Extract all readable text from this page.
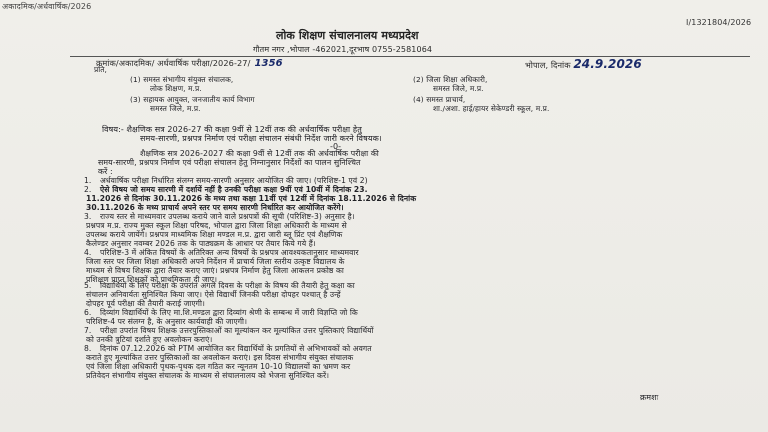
अकादमिक/अर्धवार्षिक/2026
I/1321804/2026
लोक शिक्षण संचालनालय मध्यप्रदेश
गौतम नगर ,भोपाल -462021,दूरभाष 0755-2581064
क्रमांक/अकादमिक/ अर्धवार्षिक परीक्षा/2026-27/ 1356	भोपाल, दिनांक 24.9.2026
प्रति,
(1) समस्त संभागीय संयुक्त संचालक,
लोक शिक्षण, म.प्र.
(2) जिला शिक्षा अधिकारी,
समस्त जिले, म.प्र.
(3) सहायक आयुक्त, जनजातीय कार्य विभाग
समस्त जिले, म.प्र.
(4) समस्त प्राचार्य,
शा./अशा. हाई/हायर सेकेण्डरी स्कूल, म.प्र.
विषय:- शैक्षणिक सत्र 2026-27 की कक्षा 9वीं से 12वीं तक की अर्धवार्षिक परीक्षा हेतु
समय-सारणी, प्रश्नपत्र निर्माण एवं परीक्षा संचालन संबंधी निर्देश जारी करने विषयक।
-0-
शैक्षणिक सत्र 2026-2027 की कक्षा 9वीं से 12वीं तक की अर्धवार्षिक परीक्षा की
समय-सारणी, प्रश्नपत्र निर्माण एवं परीक्षा संचालन हेतु निम्नानुसार निर्देशों का पालन सुनिश्चित
करें :
1. अर्धवार्षिक परीक्षा निर्धारित संलग्न समय-सारणी अनुसार आयोजित की जाए। (परिशिष्ट-1 एवं 2)
2. ऐसे विषय जो समय सारणी में दर्शायें नहीं है उनकी परीक्षा कक्षा 9वीं एवं 10वीं में दिनांक 23.
11.2026 से दिनांक 30.11.2026 के मध्य तथा कक्षा 11वीं एवं 12वीं में दिनांक 18.11.2026 से दिनांक
30.11.2026 के मध्य प्राचार्य अपने स्तर पर समय सारणी निर्धारित कर आयोजित करेंगे।
3. राज्य स्तर से माध्यमवार उपलब्ध कराये जाने वाले प्रश्नपत्रों की सूची (परिशिष्ट-3) अनुसार है।
प्रश्नपत्र म.प्र. राज्य मुक्त स्कूल शिक्षा परिषद, भोपाल द्वारा जिला शिक्षा अधिकारी के माध्यम से
उपलब्ध कराये जायेंगे। प्रश्नपत्र माध्यमिक शिक्षा मण्डल म.प्र. द्वारा जारी ब्लू प्रिंट एवं शैक्षणिक
कैलेण्डर अनुसार नवम्बर 2026 तक के पाठ्यक्रम के आधार पर तैयार किये गये हैं।
4. परिशिष्ट-3 में अंकित विषयों के अतिरिक्त अन्य विषयों के प्रश्नपत्र आवश्यकतानुसार माध्यमवार
जिला स्तर पर जिला शिक्षा अधिकारी अपने निर्देशन में प्राचार्य जिला स्तरीय उत्कृष्ट विद्यालय के
माध्यम से विषय शिक्षक द्वारा तैयार कराए जाएं। प्रश्नपत्र निर्माण हेतु जिला आकलन प्रकोष्ठ का
प्रशिक्षण प्राप्त शिक्षकों को प्राथमिकता दी जाए।
5. विद्यार्थियों के लिए परीक्षा के उपरांत अगले दिवस के परीक्षा के विषय की तैयारी हेतु कक्षा का
संचालन अनिवार्यतः सुनिश्चित किया जाए। ऐसे विद्यार्थी जिनकी परीक्षा दोपहर पश्चात् है उन्हें
दोपहर पूर्व परीक्षा की तैयारी कराई जाएगी।
6. दिव्यांग विद्यार्थियों के लिए मा.शि.मण्डल द्वारा दिव्यांग श्रेणी के सम्बन्ध में जारी विज्ञप्ति जो कि
परिशिष्ट-4 पर संलग्न है, के अनुसार कार्यवाही की जाएगी।
7. परीक्षा उपरांत विषय शिक्षक उत्तरपुस्तिकाओं का मूल्यांकन कर मूल्यांकित उत्तर पुस्तिकाएं विद्यार्थियों
को उनकी त्रुटियां दर्शाते हुए अवलोकन कराएं।
8. दिनांक 07.12.2026 को PTM आयोजित कर विद्यार्थियों के प्रगतियों से अभिभावकों को अवगत
कराते हुए मूल्यांकित उत्तर पुस्तिकाओं का अवलोकन कराएं। इस दिवस संभागीय संयुक्त संचालक
एवं जिला शिक्षा अधिकारी पृथक-पृथक दल गठित कर न्यूनतम 10-10 विद्यालयों का भ्रमण कर
प्रतिवेदन संभागीय संयुक्त संचालक के माध्यम से संचालनालय को भेजना सुनिश्चित करें।
क्रमशः
